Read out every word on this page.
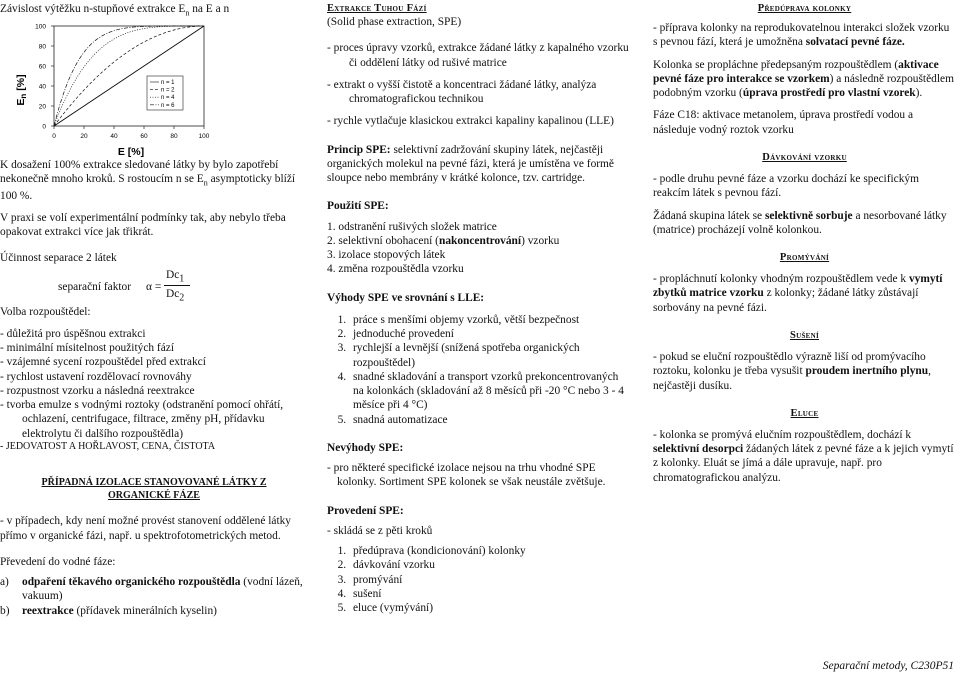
Závislost výtěžku n-stupňové extrakce $E_n$ na E a n
En [%]
0	20	40	60	80	100
0
20
40
60
80
100
n = 1
n = 2
n = 4
n = 6
E [%]

K dosažení 100% extrakce sledované látky by bylo zapotřebí nekonečně mnoho kroků. S rostoucím n se $E_n$ asymptoticky blíží 100 %.

V praxi se volí experimentální podmínky tak, aby nebylo třeba opakovat extrakci více jak třikrát.

Účinnost separace 2 látek

separační faktor α =
$Dc_1$
$Dc_2$

Volba rozpouštědel:

- důležitá pro úspěšnou extrakci
- minimální mísitelnost použitých fází
- vzájemné sycení rozpouštědel před extrakcí
- rychlost ustavení rozdělovací rovnováhy
- rozpustnost vzorku a následná reextrakce
- tvorba emulze s vodnými roztoky (odstranění pomocí ohřátí, ochlazení, centrifugace, filtrace, změny pH, přídavku elektrolytu či dalšího rozpouštědla)
- JEDOVATOST A HOŘLAVOST, CENA, ČISTOTA

PŘÍPADNÁ IZOLACE STANOVOVANÉ LÁTKY Z ORGANICKÉ FÁZE

- v případech, kdy není možné provést stanovení oddělené látky přímo v organické fázi, např. u spektrofotometrických metod.

Převedení do vodné fáze:

a) odpaření těkavého organického rozpouštědla (vodní lázeň, vakuum)
b) reextrakce (přídavek minerálních kyselin)

Extrakce Tuhou Fází

(Solid phase extraction, SPE)

- proces úpravy vzorků, extrakce žádané látky z kapalného vzorku či oddělení látky od rušivé matrice
- extrakt o vyšší čistotě a koncentraci žádané látky, analýza chromatografickou technikou
- rychle vytlačuje klasickou extrakci kapaliny kapalinou (LLE)

Princip SPE: selektivní zadržování skupiny látek, nejčastěji organických molekul na pevné fázi, která je umístěna ve formě sloupce nebo membrány v krátké kolonce, tzv. cartridge.

Použití SPE:

1. odstranění rušivých složek matrice
2. selektivní obohacení (nakoncentrování) vzorku
3. izolace stopových látek
4. změna rozpouštědla vzorku

Výhody SPE ve srovnání s LLE:

1. práce s menšími objemy vzorků, větší bezpečnost
2. jednoduché provedení
3. rychlejší a levnější (snížená spotřeba organických rozpouštědel)
4. snadné skladování a transport vzorků prekoncentrovaných na kolonkách (skladování až 8 měsíců při -20 °C nebo 3 - 4 měsíce při 4 °C)
5. snadná automatizace

Nevýhody SPE:

- pro některé specifické izolace nejsou na trhu vhodné SPE kolonky. Sortiment SPE kolonek se však neustále zvětšuje.

Provedení SPE:

- skládá se z pěti kroků

1. předúprava (kondicionování) kolonky
2. dávkování vzorku
3. promývání
4. sušení
5. eluce (vymývání)

Předúprava kolonky

- příprava kolonky na reprodukovatelnou interakci složek vzorku s pevnou fází, která je umožněna solvatací pevné fáze.

Kolonka se propláchne předepsaným rozpouštědlem (aktivace pevné fáze pro interakce se vzorkem) a následně rozpouštědlem podobným vzorku (úprava prostředí pro vlastní vzorek).

Fáze C18: aktivace metanolem, úprava prostředí vodou a následuje vodný roztok vzorku

Dávkování vzorku

- podle druhu pevné fáze a vzorku dochází ke specifickým reakcím látek s pevnou fází.

Žádaná skupina látek se selektivně sorbuje a nesorbované látky (matrice) procházejí volně kolonkou.

Promývání

- propláchnutí kolonky vhodným rozpouštědlem vede k vymytí zbytků matrice vzorku z kolonky; žádané látky zůstávají sorbovány na pevné fázi.

Sušení

- pokud se eluční rozpouštědlo výrazně liší od promývacího roztoku, kolonku je třeba vysušit proudem inertního plynu, nejčastěji dusíku.

Eluce

- kolonka se promývá elučním rozpouštědlem, dochází k selektivní desorpci žádaných látek z pevné fáze a k jejich vymytí z kolonky. Eluát se jímá a dále upravuje, např. pro chromatografickou analýzu.

Separační metody, C230P51
